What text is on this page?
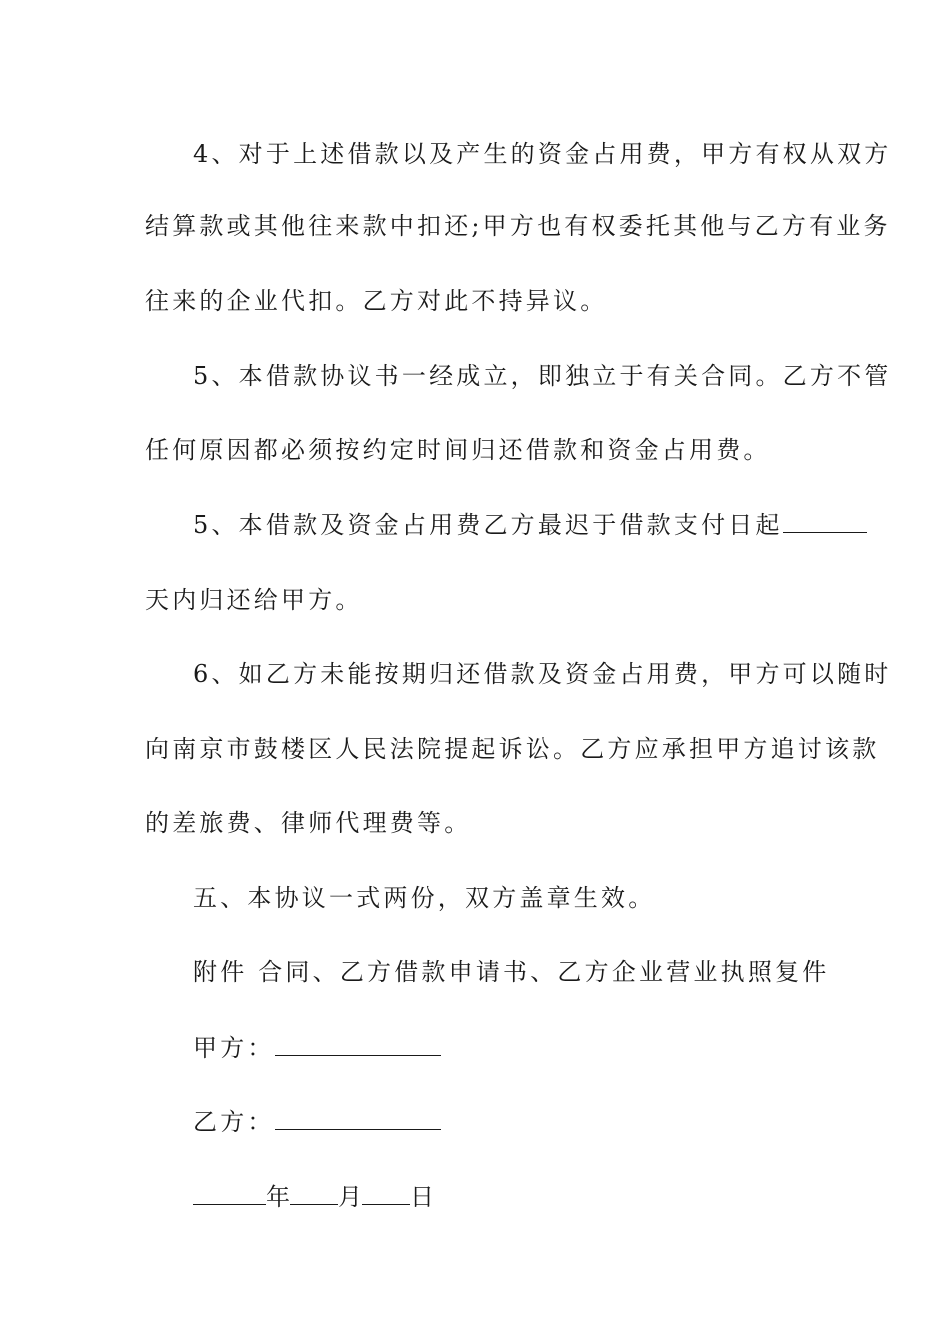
4、对于上述借款以及产生的资金占用费，甲方有权从双方
结算款或其他往来款中扣还;甲方也有权委托其他与乙方有业务
往来的企业代扣。乙方对此不持异议。
5、本借款协议书一经成立，即独立于有关合同。乙方不管
任何原因都必须按约定时间归还借款和资金占用费。
5、本借款及资金占用费乙方最迟于借款支付日起
天内归还给甲方。
6、如乙方未能按期归还借款及资金占用费，甲方可以随时
向南京市鼓楼区人民法院提起诉讼。乙方应承担甲方追讨该款
的差旅费、律师代理费等。
五、本协议一式两份，双方盖章生效。
附件 合同、乙方借款申请书、乙方企业营业执照复件
甲方：
乙方：
年 月 日
